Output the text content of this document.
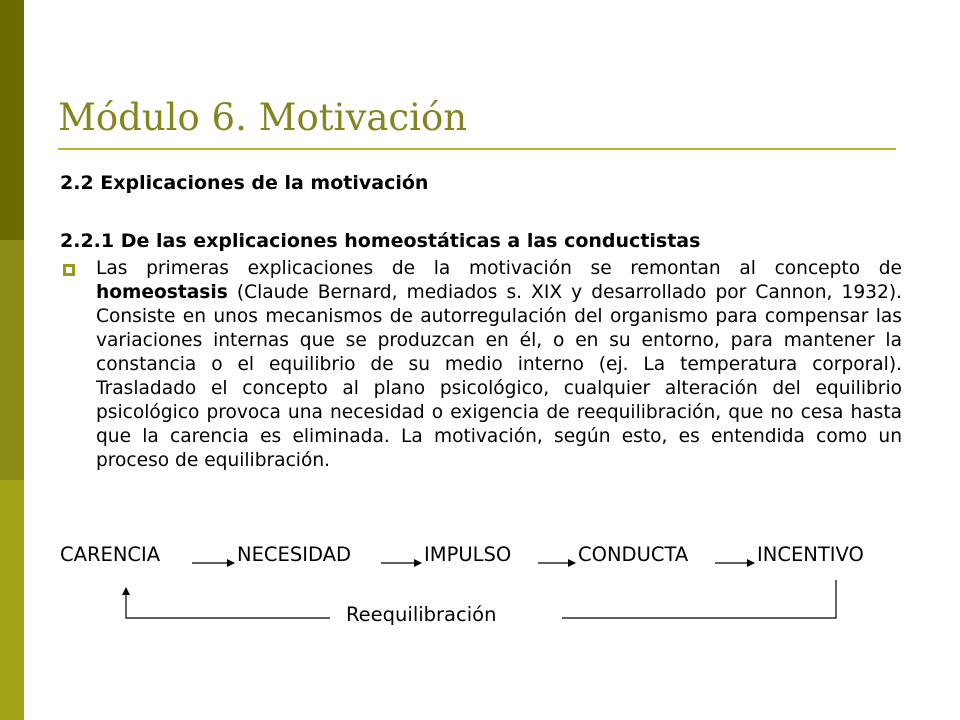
Módulo 6. Motivación
2.2 Explicaciones de la motivación
2.2.1 De las explicaciones homeostáticas a las conductistas

Las primeras explicaciones de la motivación se remontan al concepto de homeostasis (Claude Bernard, mediados s. XIX y desarrollado por Cannon, 1932). Consiste en unos mecanismos de autorregulación del organismo para compensar las variaciones internas que se produzcan en él, o en su entorno, para mantener la constancia o el equilibrio de su medio interno (ej. La temperatura corporal). Trasladado el concepto al plano psicológico, cualquier alteración del equilibrio psicológico provoca una necesidad o exigencia de reequilibración, que no cesa hasta que la carencia es eliminada. La motivación, según esto, es entendida como un proceso de equilibración.

CARENCIA	NECESIDAD	IMPULSO	CONDUCTA	INCENTIVO
Reequilibración
